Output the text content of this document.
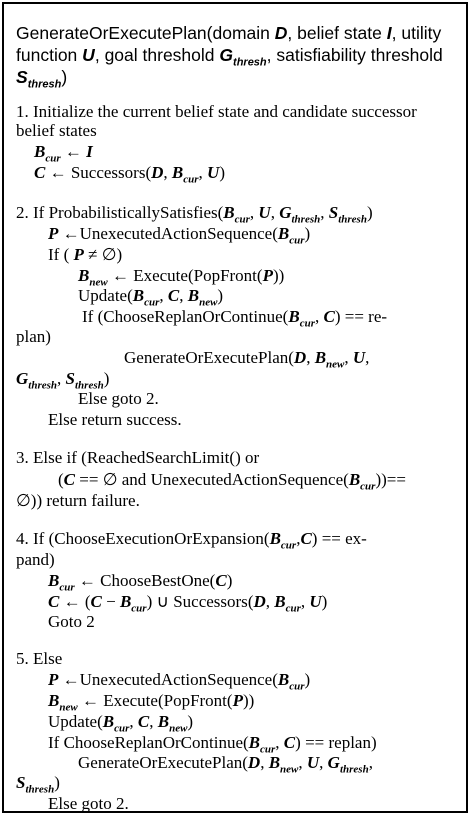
GenerateOrExecutePlan(domain D, belief state I, utility
function U, goal threshold $G_{thresh}$, satisfiability threshold
$S_{thresh}$)
1. Initialize the current belief state and candidate successor
belief states
$B_{cur}$ ← I
C ← Successors(D, $B_{cur}$, U)
2. If $ProbabilisticallySatisfies(B_{cur}$, U, $G_{thresh}$, $S_{thresh}$)
P $\leftarrow UnexecutedActionSequence(B_{cur})$
If ( P ≠ ∅)
$B_{new}$ ← Execute(PopFront(P))
$Update(B_{cur}$, C, $B_{new}$)
If ($ChooseReplanOrContinue(B_{cur}$, C) == re-
plan)
GenerateOrExecutePlan(D, $B_{new}$, U,
$G_{thresh}$, $S_{thresh}$)
Else goto 2.
Else return success.
3. Else if (ReachedSearchLimit() or
(C == ∅ and $UnexecutedActionSequence(B_{cur}))==$
∅)) return failure.
4. If ($ChooseExecutionOrExpansion(B_{cur},C) == ex-$
pand)
$B_{cur}$ ← ChooseBestOne(C)
C ← $(C - B_{cur})$ ∪ Successors(D, $B_{cur}$, U)
Goto 2
5. Else
P $\leftarrow UnexecutedActionSequence(B_{cur})$
$B_{new}$ ← Execute(PopFront(P))
$Update(B_{cur}$, C, $B_{new}$)
If $ChooseReplanOrContinue(B_{cur}$, C) == replan)
GenerateOrExecutePlan(D, $B_{new}$, U, $G_{thresh}$,
$S_{thresh}$)
Else goto 2.
